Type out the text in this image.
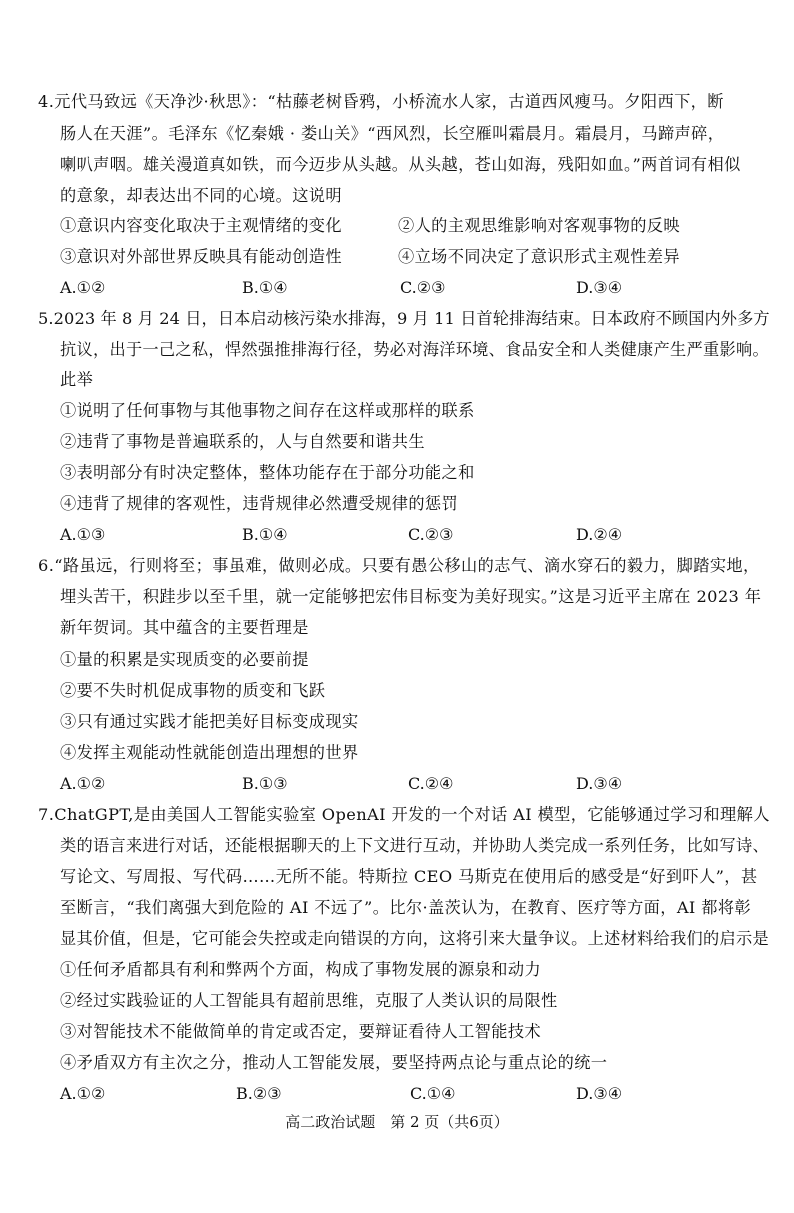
4.元代马致远《天净沙·秋思》：“枯藤老树昏鸦，小桥流水人家，古道西风瘦马。夕阳西下，断
肠人在天涯”。毛泽东《忆秦娥 · 娄山关》“西风烈，长空雁叫霜晨月。霜晨月，马蹄声碎，
喇叭声咽。雄关漫道真如铁，而今迈步从头越。从头越，苍山如海，残阳如血。”两首词有相似
的意象，却表达出不同的心境。这说明
①意识内容变化取决于主观情绪的变化	②人的主观思维影响对客观事物的反映
③意识对外部世界反映具有能动创造性	④立场不同决定了意识形式主观性差异
A.①②	B.①④	C.②③	D.③④
5.2023 年 8 月 24 日，日本启动核污染水排海，9 月 11 日首轮排海结束。日本政府不顾国内外多方
抗议，出于一己之私，悍然强推排海行径，势必对海洋环境、食品安全和人类健康产生严重影响。
此举
①说明了任何事物与其他事物之间存在这样或那样的联系
②违背了事物是普遍联系的，人与自然要和谐共生
③表明部分有时决定整体，整体功能存在于部分功能之和
④违背了规律的客观性，违背规律必然遭受规律的惩罚
A.①③	B.①④	C.②③	D.②④
6.“路虽远，行则将至；事虽难，做则必成。只要有愚公移山的志气、滴水穿石的毅力，脚踏实地，
埋头苦干，积跬步以至千里，就一定能够把宏伟目标变为美好现实。”这是习近平主席在 2023 年
新年贺词。其中蕴含的主要哲理是
①量的积累是实现质变的必要前提
②要不失时机促成事物的质变和飞跃
③只有通过实践才能把美好目标变成现实
④发挥主观能动性就能创造出理想的世界
A.①②	B.①③	C.②④	D.③④
7.ChatGPT,是由美国人工智能实验室 OpenAI 开发的一个对话 AI 模型，它能够通过学习和理解人
类的语言来进行对话，还能根据聊天的上下文进行互动，并协助人类完成一系列任务，比如写诗、
写论文、写周报、写代码……无所不能。特斯拉 CEO 马斯克在使用后的感受是“好到吓人”，甚
至断言，“我们离强大到危险的 AI 不远了”。比尔·盖茨认为，在教育、医疗等方面，AI 都将彰
显其价值，但是，它可能会失控或走向错误的方向，这将引来大量争议。上述材料给我们的启示是
①任何矛盾都具有利和弊两个方面，构成了事物发展的源泉和动力
②经过实践验证的人工智能具有超前思维，克服了人类认识的局限性
③对智能技术不能做简单的肯定或否定，要辩证看待人工智能技术
④矛盾双方有主次之分，推动人工智能发展，要坚持两点论与重点论的统一
A.①②	B.②③	C.①④	D.③④
高二政治试题　第 2 页（共6页）
